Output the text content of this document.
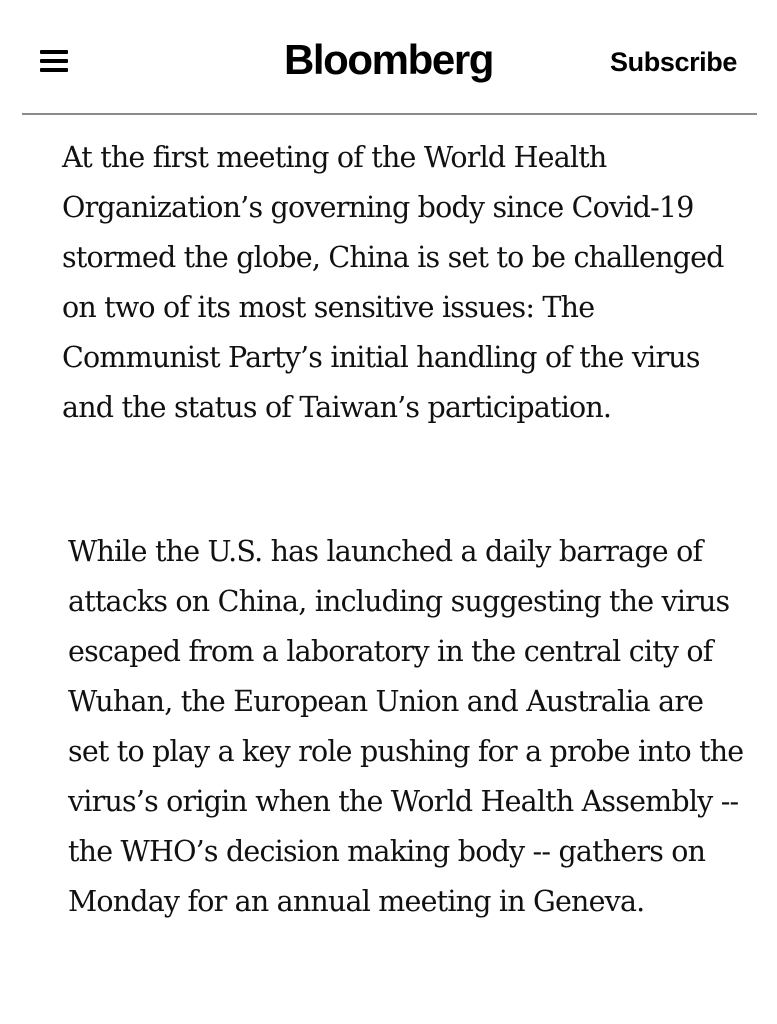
Bloomberg	Subscribe

At the first meeting of the World Health Organization’s governing body since Covid-19 stormed the globe, China is set to be challenged on two of its most sensitive issues: The Communist Party’s initial handling of the virus and the status of Taiwan’s participation.

While the U.S. has launched a daily barrage of attacks on China, including suggesting the virus escaped from a laboratory in the central city of Wuhan, the European Union and Australia are set to play a key role pushing for a probe into the virus’s origin when the World Health Assembly -- the WHO’s decision making body -- gathers on Monday for an annual meeting in Geneva.
